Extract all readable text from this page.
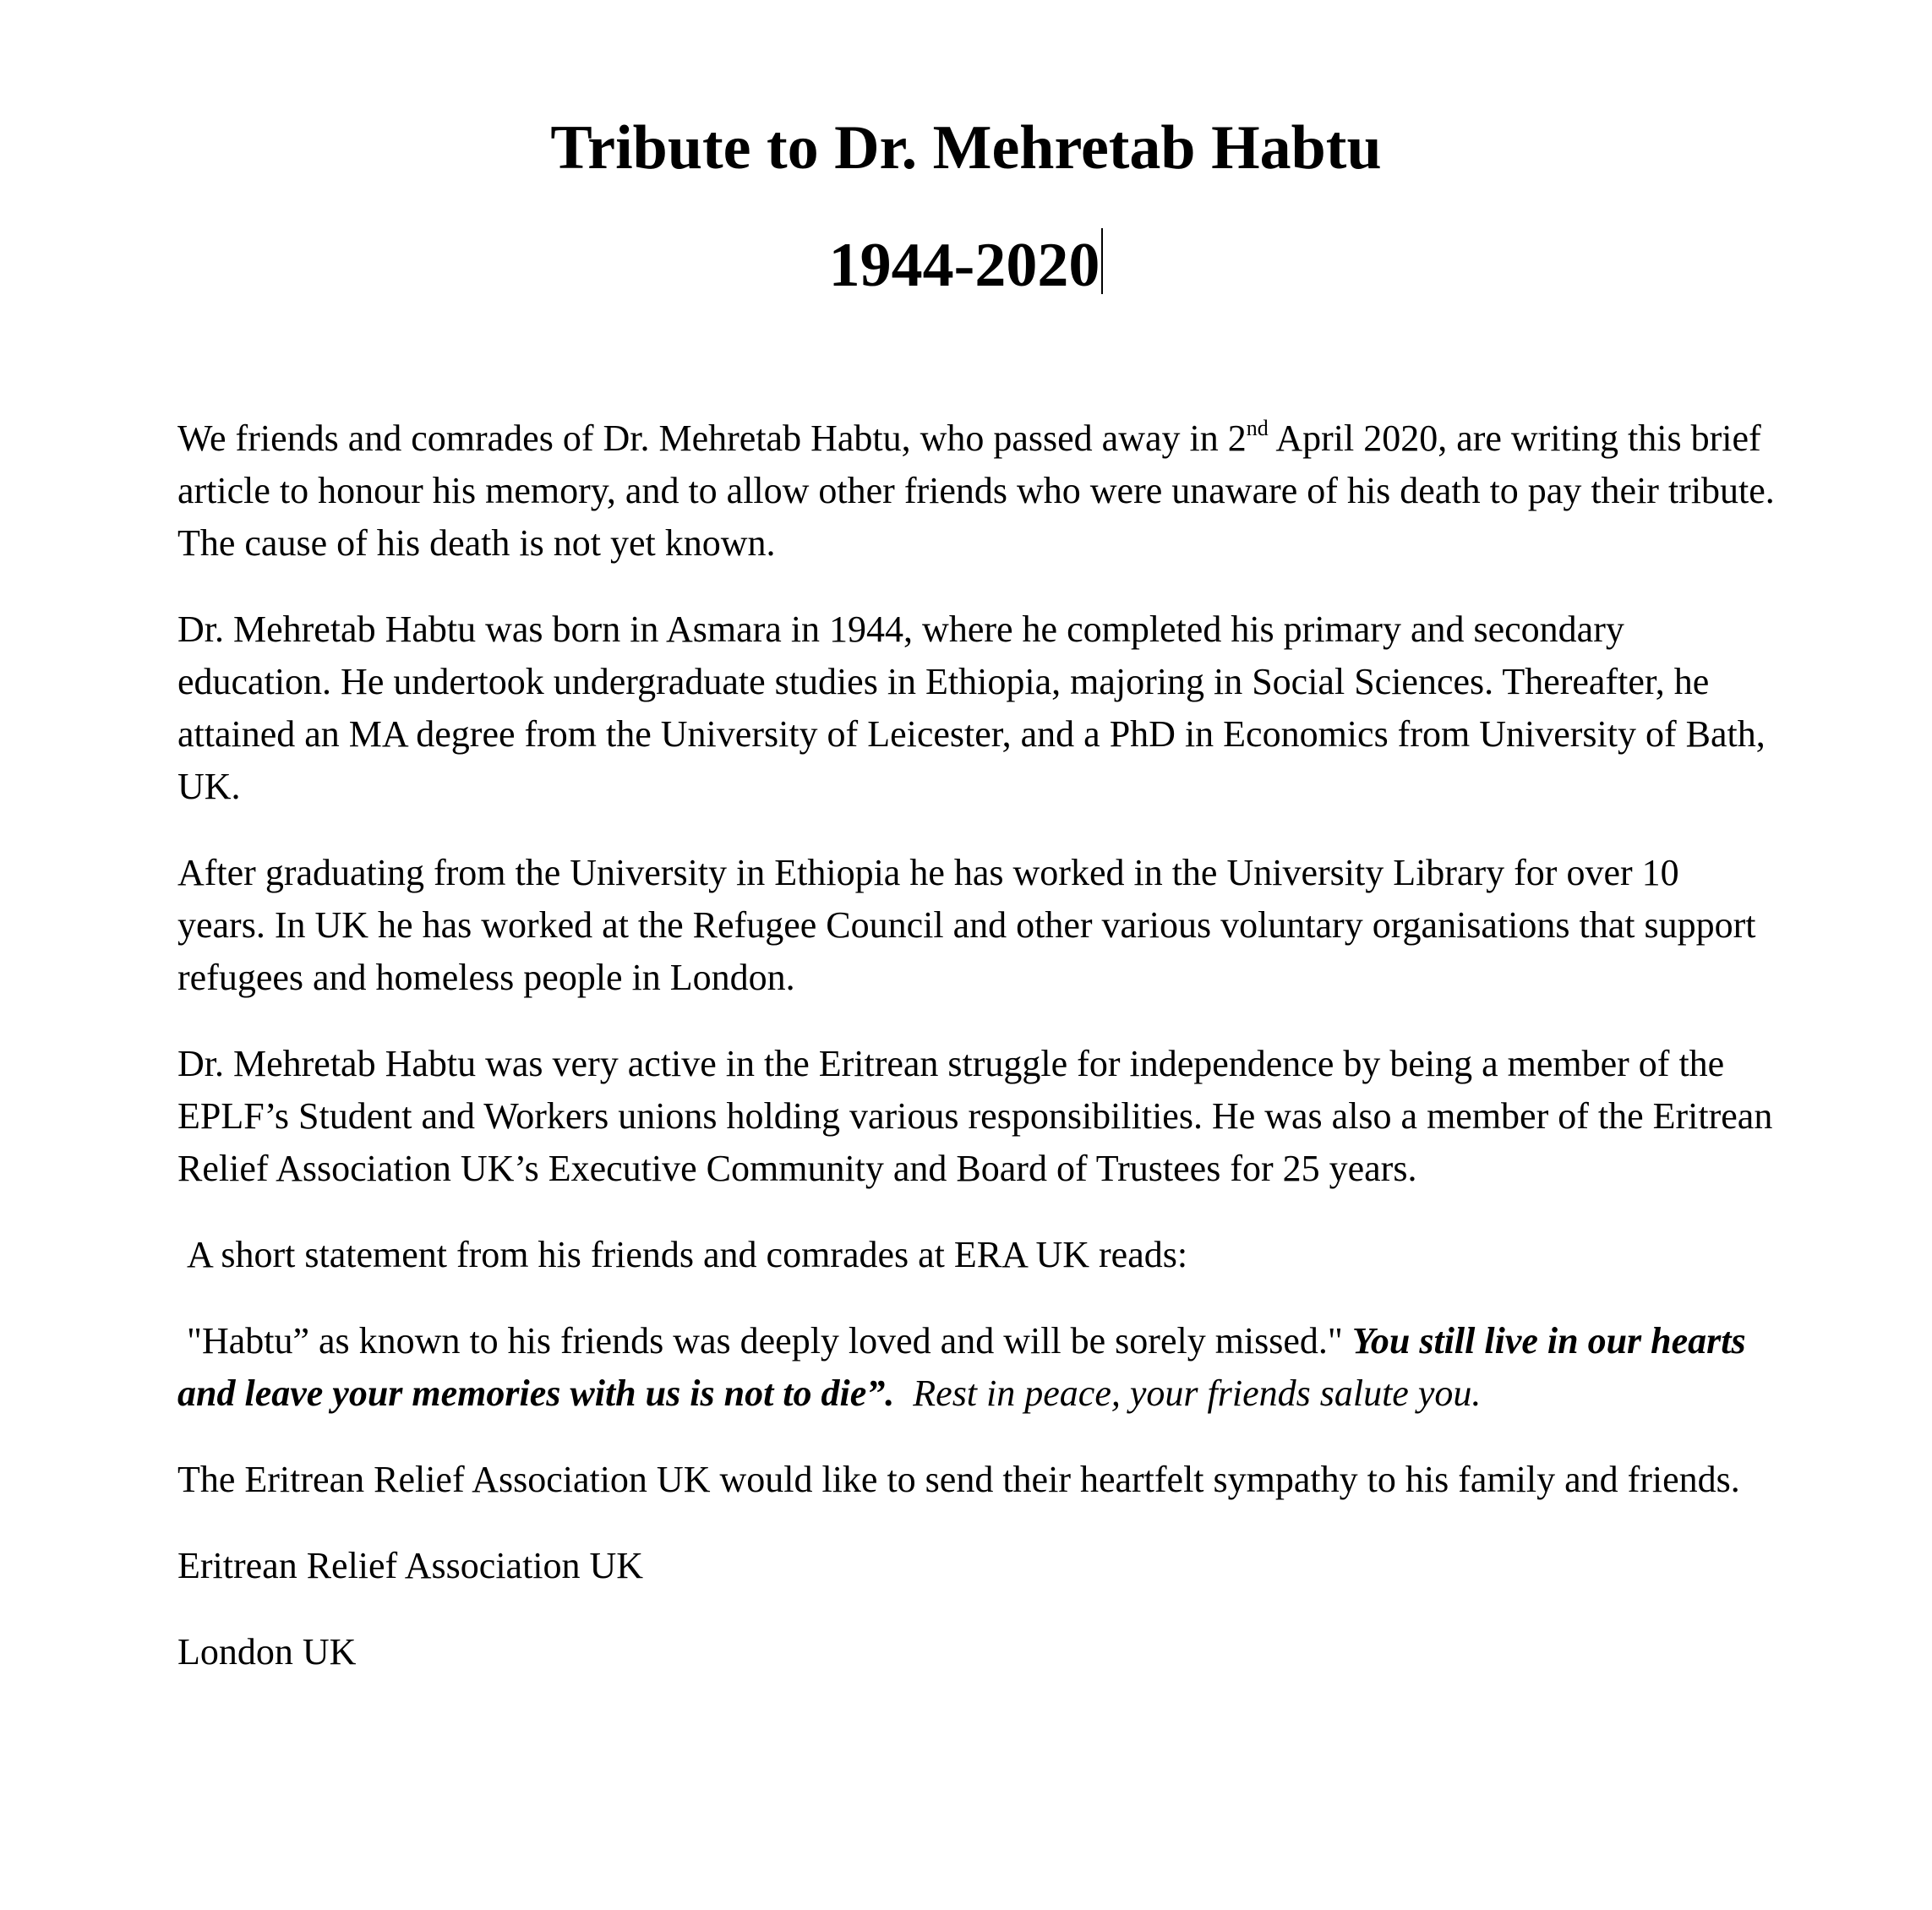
Tribute to Dr. Mehretab Habtu
1944-2020

We friends and comrades of Dr. Mehretab Habtu, who passed away in 2nd April 2020, are writing this brief article to honour his memory, and to allow other friends who were unaware of his death to pay their tribute. The cause of his death is not yet known.

Dr. Mehretab Habtu was born in Asmara in 1944, where he completed his primary and secondary education. He undertook undergraduate studies in Ethiopia, majoring in Social Sciences. Thereafter, he attained an MA degree from the University of Leicester, and a PhD in Economics from University of Bath, UK.

After graduating from the University in Ethiopia he has worked in the University Library for over 10 years. In UK he has worked at the Refugee Council and other various voluntary organisations that support refugees and homeless people in London.

Dr. Mehretab Habtu was very active in the Eritrean struggle for independence by being a member of the EPLF’s Student and Workers unions holding various responsibilities. He was also a member of the Eritrean Relief Association UK’s Executive Community and Board of Trustees for 25 years.

A short statement from his friends and comrades at ERA UK reads:

"Habtu” as known to his friends was deeply loved and will be sorely missed." You still live in our hearts and leave your memories with us is not to die”.  Rest in peace, your friends salute you.

The Eritrean Relief Association UK would like to send their heartfelt sympathy to his family and friends.

Eritrean Relief Association UK

London UK
